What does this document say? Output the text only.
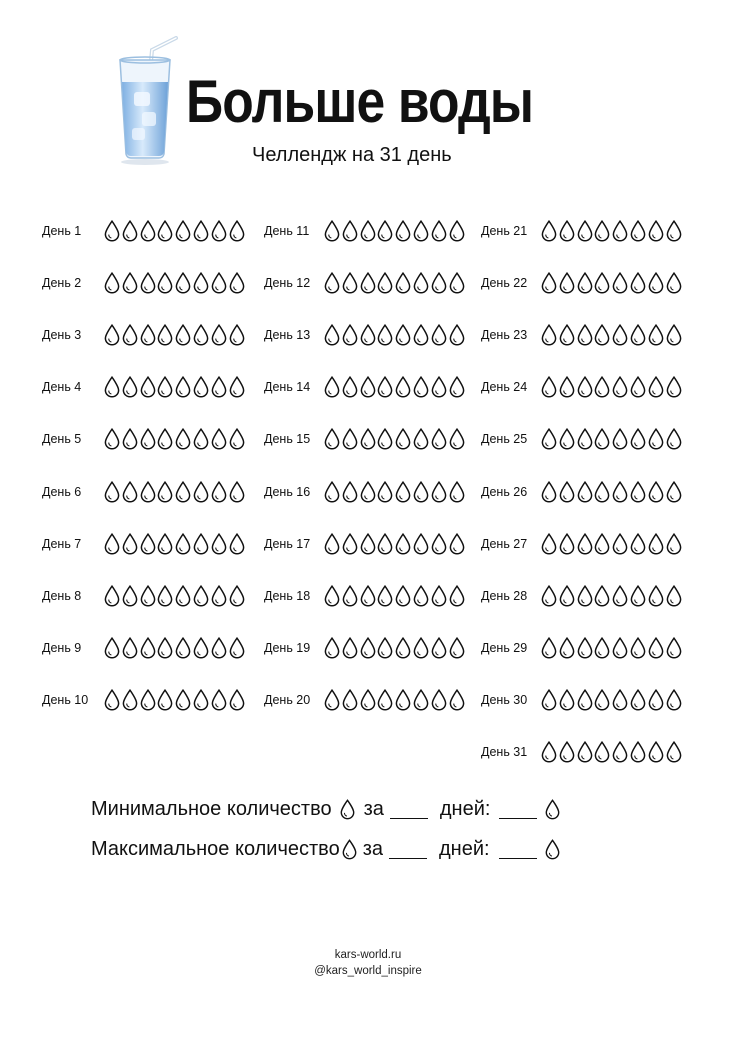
Больше воды
Челлендж на 31 день
День 1
День 2
День 3
День 4
День 5
День 6
День 7
День 8
День 9
День 10
День 11
День 12
День 13
День 14
День 15
День 16
День 17
День 18
День 19
День 20
День 21
День 22
День 23
День 24
День 25
День 26
День 27
День 28
День 29
День 30
День 31
Минимальное количество за	дней:
Максимальное количество за	дней:
kars-world.ru
@kars_world_inspire
